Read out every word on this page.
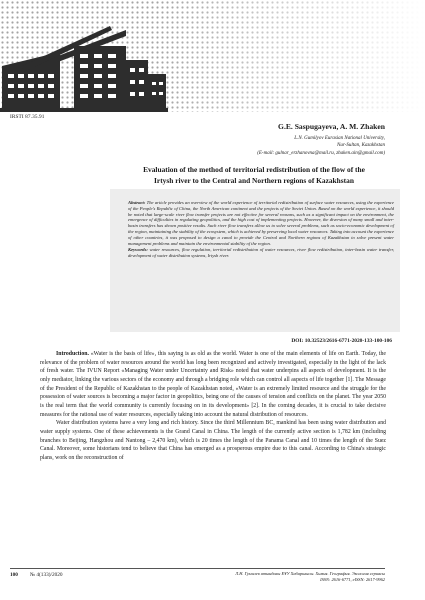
IRSTI 87.35.91
G.E. Saspugayeva, A. M. Zhaken
L.N. Gumilyov Eurasian National University,
Nur-Sultan, Kazakhstan
(E-mail: gulnar_erzhanovna@mail.ru, zhaken.ain@gmail.com)
Evaluation of the method of territorial redistribution of the flow of the
Irtysh river to the Central and Northern regions of Kazakhstan
Abstract: The article provides an overview of the world experience of territorial redistribution of surface water resources, using the experience of the People's Republic of China, the North American continent and the projects of the Soviet Union. Based on the world experience, it should be noted that large-scale river flow transfer projects are not effective for several reasons, such as a significant impact on the environment, the emergence of difficulties in regulating geopolitics, and the high cost of implementing projects. However, the diversion of many small and inter-basin transfers has shown positive results. Such river flow transfers allow us to solve several problems, such as socio-economic development of the region, maintaining the stability of the ecosystem, which is achieved by preserving local water resources. Taking into account the experience of other countries, it was proposed to design a canal to provide the Central and Northern regions of Kazakhstan to solve present water management problems and maintain the environmental stability of the region.
Keywords: water resources, flow regulation, territorial redistribution of water resources, river flow redistribution, inter-basin water transfer, development of water distribution systems, Irtysh river.
DOI: 10.32523/2616-6771-2020-133-100-106

Introduction. «Water is the basis of life», this saying is as old as the world. Water is one of the main elements of life on Earth. Today, the relevance of the problem of water resources around the world has long been recognized and actively investigated, especially in the light of the lack of fresh water. The IVUN Report «Managing Water under Uncertainty and Risk» noted that water underpins all aspects of development. It is the only mediator, linking the various sectors of the economy and through a bridging role which can control all aspects of life together [1]. The Message of the President of the Republic of Kazakhstan to the people of Kazakhstan noted, «Water is an extremely limited resource and the struggle for the possession of water sources is becoming a major factor in geopolitics, being one of the causes of tension and conflicts on the planet. The year 2050 is the real term that the world community is currently focusing on in its development» [2]. In the coming decades, it is crucial to take decisive measures for the rational use of water resources, especially taking into account the natural distribution of resources.

Water distribution systems have a very long and rich history. Since the third Millennium BC, mankind has been using water distribution and water supply systems. One of these achievements is the Grand Canal in China. The length of the currently active section is 1,782 km (including branches to Beijing, Hangzhou and Nantong – 2,470 km), which is 20 times the length of the Panama Canal and 10 times the length of the Suez Canal. Moreover, some historians tend to believe that China has emerged as a prosperous empire due to this canal. According to China's strategic plans, work on the reconstruction of

100 № 4(133)/2020	Л.Н. Гумилев атындағы ЕҰУ Хабаршысы. Химия. География. Экология сериясы
ISSN: 2616-6771, eISSN: 2617-9962
